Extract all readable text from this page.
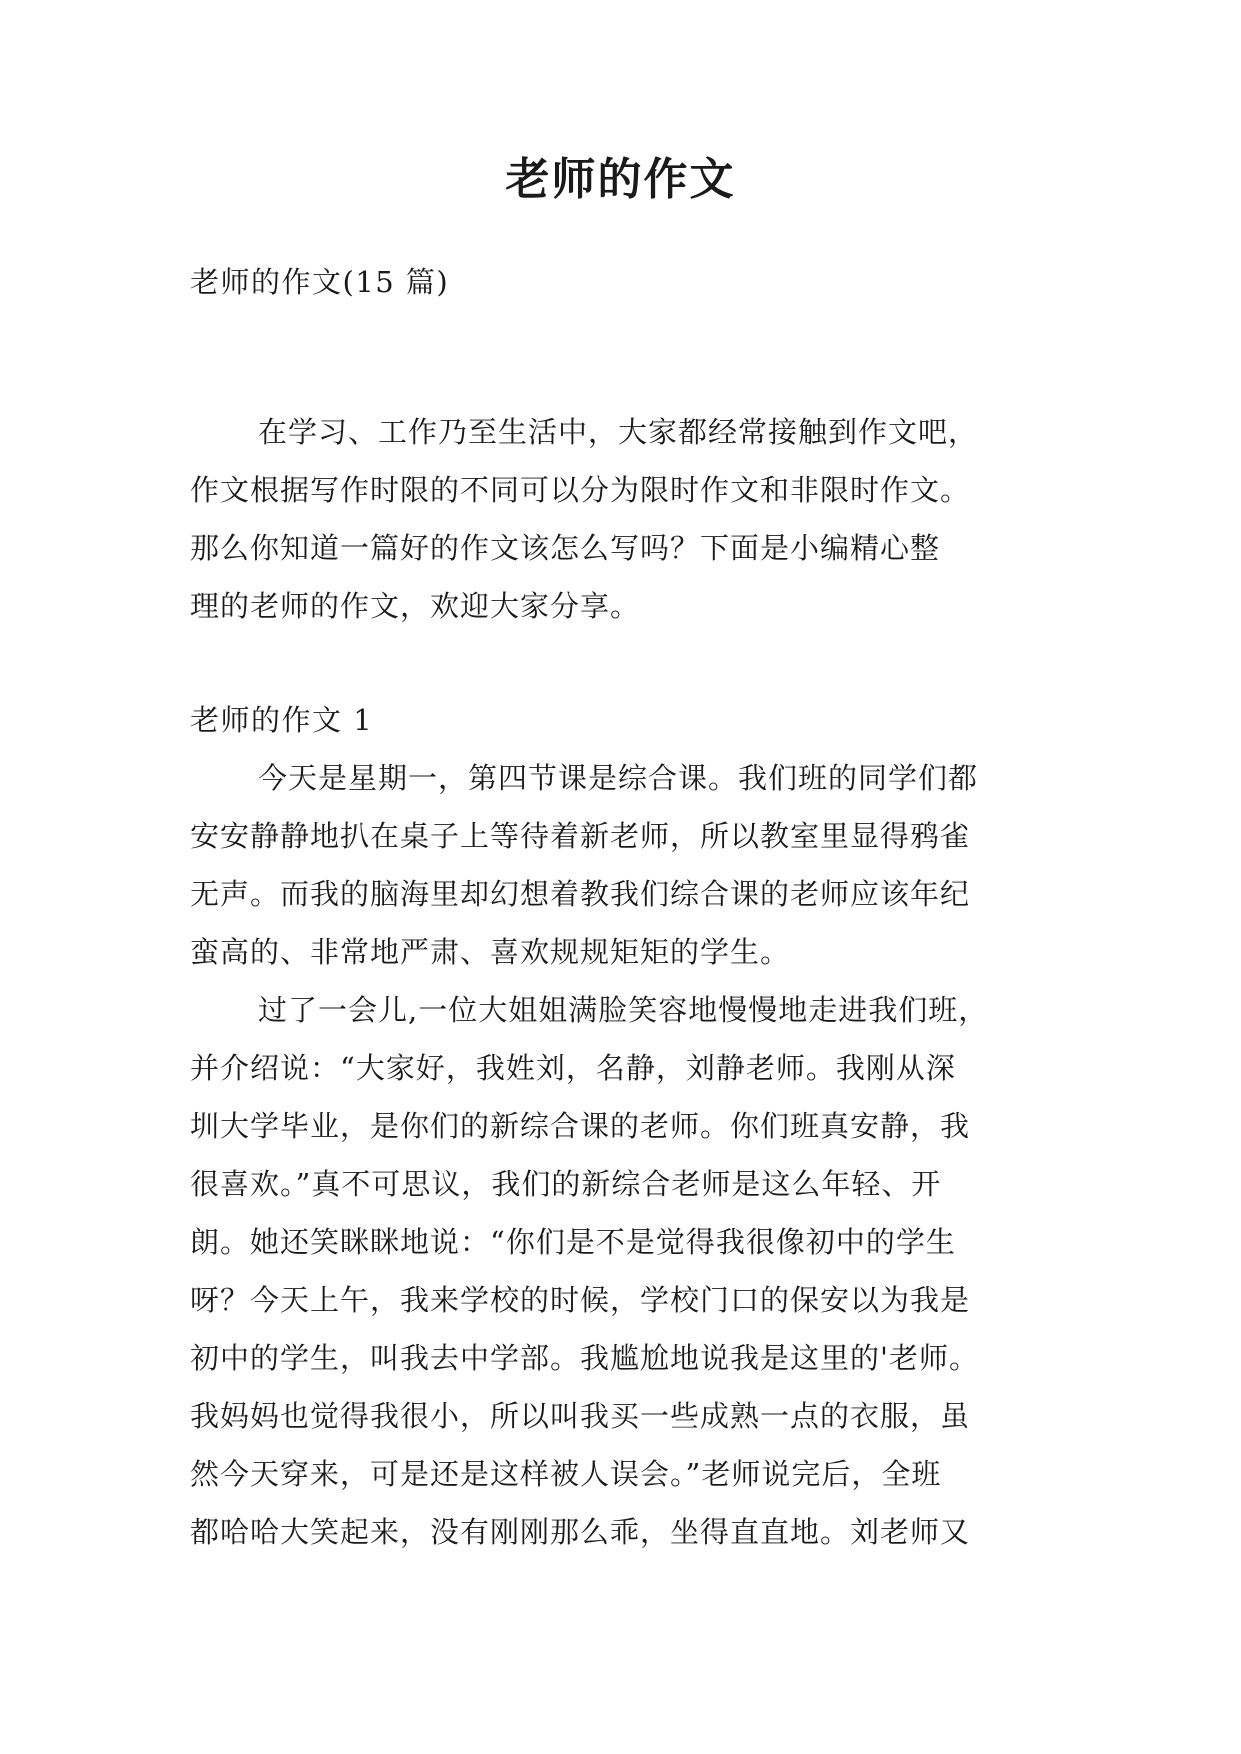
老师的作文

老师的作文(15 篇)

在学习、工作乃至生活中，大家都经常接触到作文吧，

作文根据写作时限的不同可以分为限时作文和非限时作文。

那么你知道一篇好的作文该怎么写吗？下面是小编精心整

理的老师的作文，欢迎大家分享。

老师的作文 1

今天是星期一，第四节课是综合课。我们班的同学们都

安安静静地扒在桌子上等待着新老师，所以教室里显得鸦雀

无声。而我的脑海里却幻想着教我们综合课的老师应该年纪

蛮高的、非常地严肃、喜欢规规矩矩的学生。

过了一会儿,一位大姐姐满脸笑容地慢慢地走进我们班，

并介绍说：“大家好，我姓刘，名静，刘静老师。我刚从深

圳大学毕业，是你们的新综合课的老师。你们班真安静，我

很喜欢。”真不可思议，我们的新综合老师是这么年轻、开

朗。她还笑眯眯地说：“你们是不是觉得我很像初中的学生

呀？今天上午，我来学校的时候，学校门口的保安以为我是

初中的学生，叫我去中学部。我尴尬地说我是这里的'老师。

我妈妈也觉得我很小，所以叫我买一些成熟一点的衣服，虽

然今天穿来，可是还是这样被人误会。”老师说完后，全班

都哈哈大笑起来，没有刚刚那么乖，坐得直直地。刘老师又
